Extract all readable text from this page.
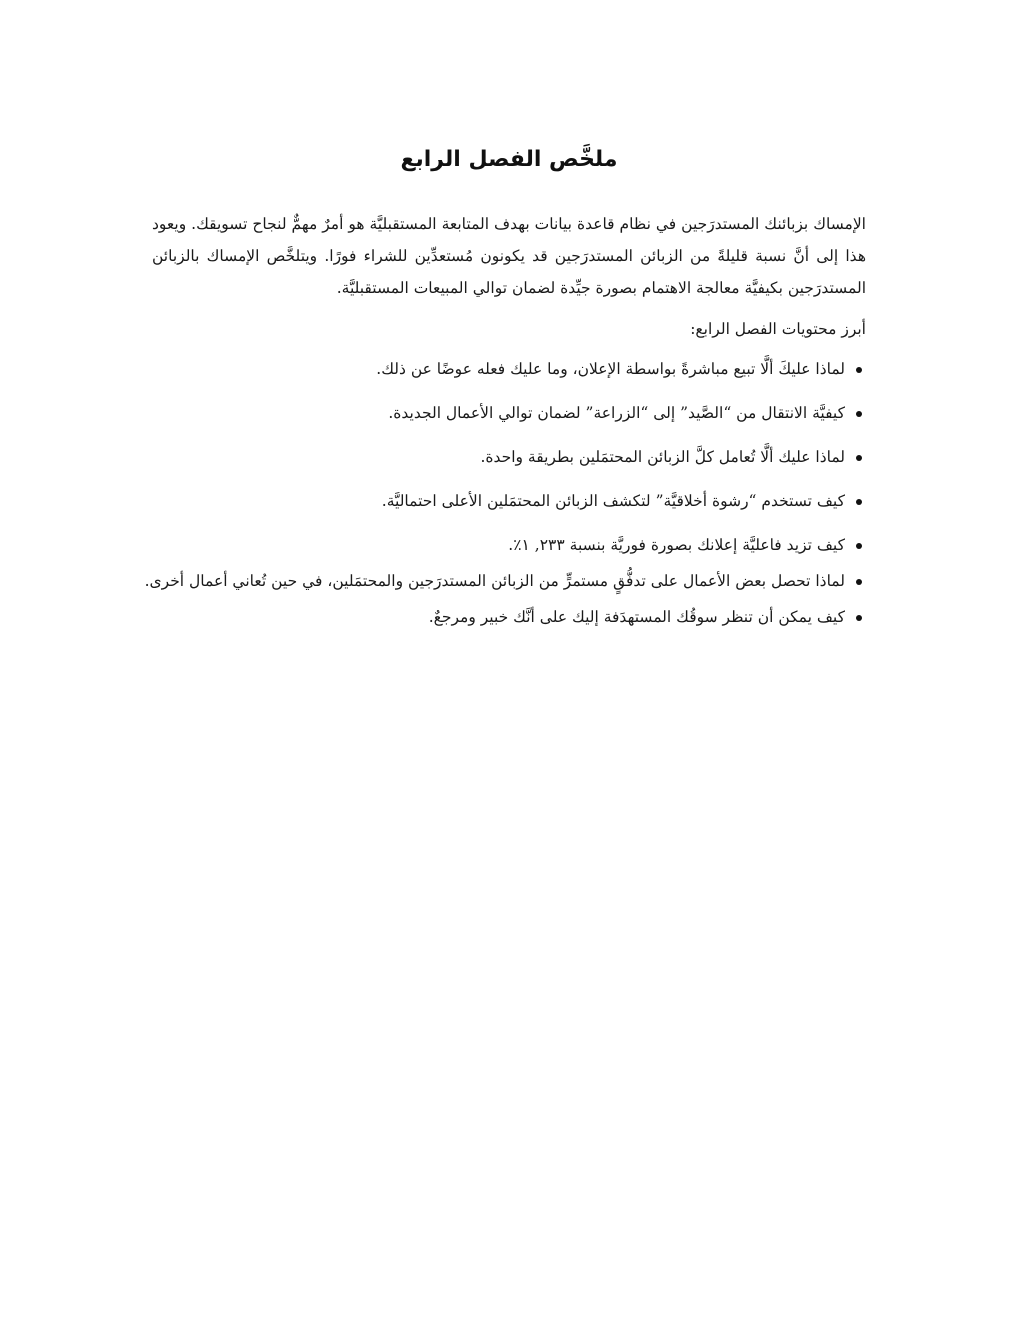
ملخَّص الفصل الرابع

الإمساك بزبائنك المستدرَجين في نظام قاعدة بيانات بهدف المتابعة المستقبليَّة هو أمرٌ مهمٌّ لنجاح تسويقك. ويعود هذا إلى أنَّ نسبة قليلةً من الزبائن المستدرَجين قد يكونون مُستعدِّين للشراء فورًا. ويتلخَّص الإمساك بالزبائن المستدرَجين بكيفيَّة معالجة الاهتمام بصورة جيِّدة لضمان توالي المبيعات المستقبليَّة.

أبرز محتويات الفصل الرابع:

لماذا عليكَ ألَّا تبيع مباشرةً بواسطة الإعلان، وما عليك فعله عوضًا عن ذلك.
كيفيَّة الانتقال من “الصَّيد” إلى “الزراعة” لضمان توالي الأعمال الجديدة.
لماذا عليك ألَّا تُعامل كلَّ الزبائن المحتمَلين بطريقة واحدة.
كيف تستخدم “رشوة أخلاقيَّة” لتكشف الزبائن المحتمَلين الأعلى احتماليَّة.
كيف تزيد فاعليَّة إعلانك بصورة فوريَّة بنسبة ٢٣٣, ١٪.
لماذا تحصل بعض الأعمال على تدفُّقٍ مستمرٍّ من الزبائن المستدرَجين والمحتمَلين، في حين تُعاني أعمال أخرى.
كيف يمكن أن تنظر سوقُك المستهدَفة إليك على أنَّك خبير ومرجعٌ.
